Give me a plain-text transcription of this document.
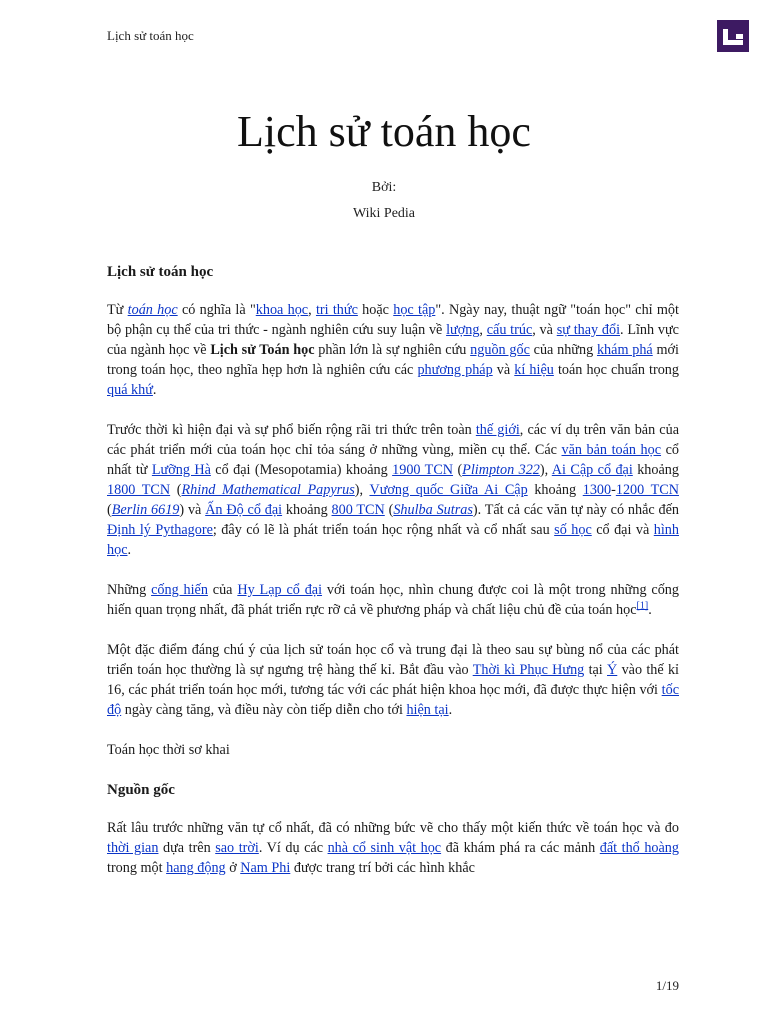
Lịch sử toán học
Lịch sử toán học
Bởi:
Wiki Pedia
Lịch sử toán học

Từ toán học có nghĩa là "khoa học, tri thức hoặc học tập". Ngày nay, thuật ngữ "toán học" chỉ một bộ phận cụ thể của tri thức - ngành nghiên cứu suy luận về lượng, cấu trúc, và sự thay đổi. Lĩnh vực của ngành học về Lịch sử Toán học phần lớn là sự nghiên cứu nguồn gốc của những khám phá mới trong toán học, theo nghĩa hẹp hơn là nghiên cứu các phương pháp và kí hiệu toán học chuẩn trong quá khứ.

Trước thời kì hiện đại và sự phổ biến rộng rãi tri thức trên toàn thế giới, các ví dụ trên văn bản của các phát triển mới của toán học chỉ tỏa sáng ở những vùng, miền cụ thể. Các văn bản toán học cổ nhất từ Lưỡng Hà cổ đại (Mesopotamia) khoảng 1900 TCN (Plimpton 322), Ai Cập cổ đại khoảng 1800 TCN (Rhind Mathematical Papyrus), Vương quốc Giữa Ai Cập khoảng 1300-1200 TCN (Berlin 6619) và Ấn Độ cổ đại khoảng 800 TCN (Shulba Sutras). Tất cả các văn tự này có nhắc đến Định lý Pythagore; đây có lẽ là phát triển toán học rộng nhất và cổ nhất sau số học cổ đại và hình học.

Những cống hiến của Hy Lạp cổ đại với toán học, nhìn chung được coi là một trong những cống hiến quan trọng nhất, đã phát triển rực rỡ cả về phương pháp và chất liệu chủ đề của toán học[1].

Một đặc điểm đáng chú ý của lịch sử toán học cổ và trung đại là theo sau sự bùng nổ của các phát triển toán học thường là sự ngưng trệ hàng thế kỉ. Bắt đầu vào Thời kì Phục Hưng tại Ý vào thế kỉ 16, các phát triển toán học mới, tương tác với các phát hiện khoa học mới, đã được thực hiện với tốc độ ngày càng tăng, và điều này còn tiếp diễn cho tới hiện tại.

Toán học thời sơ khai

Nguồn gốc

Rất lâu trước những văn tự cổ nhất, đã có những bức vẽ cho thấy một kiến thức về toán học và đo thời gian dựa trên sao trời. Ví dụ các nhà cổ sinh vật học đã khám phá ra các mảnh đất thổ hoàng trong một hang động ở Nam Phi được trang trí bởi các hình khắc

1/19
